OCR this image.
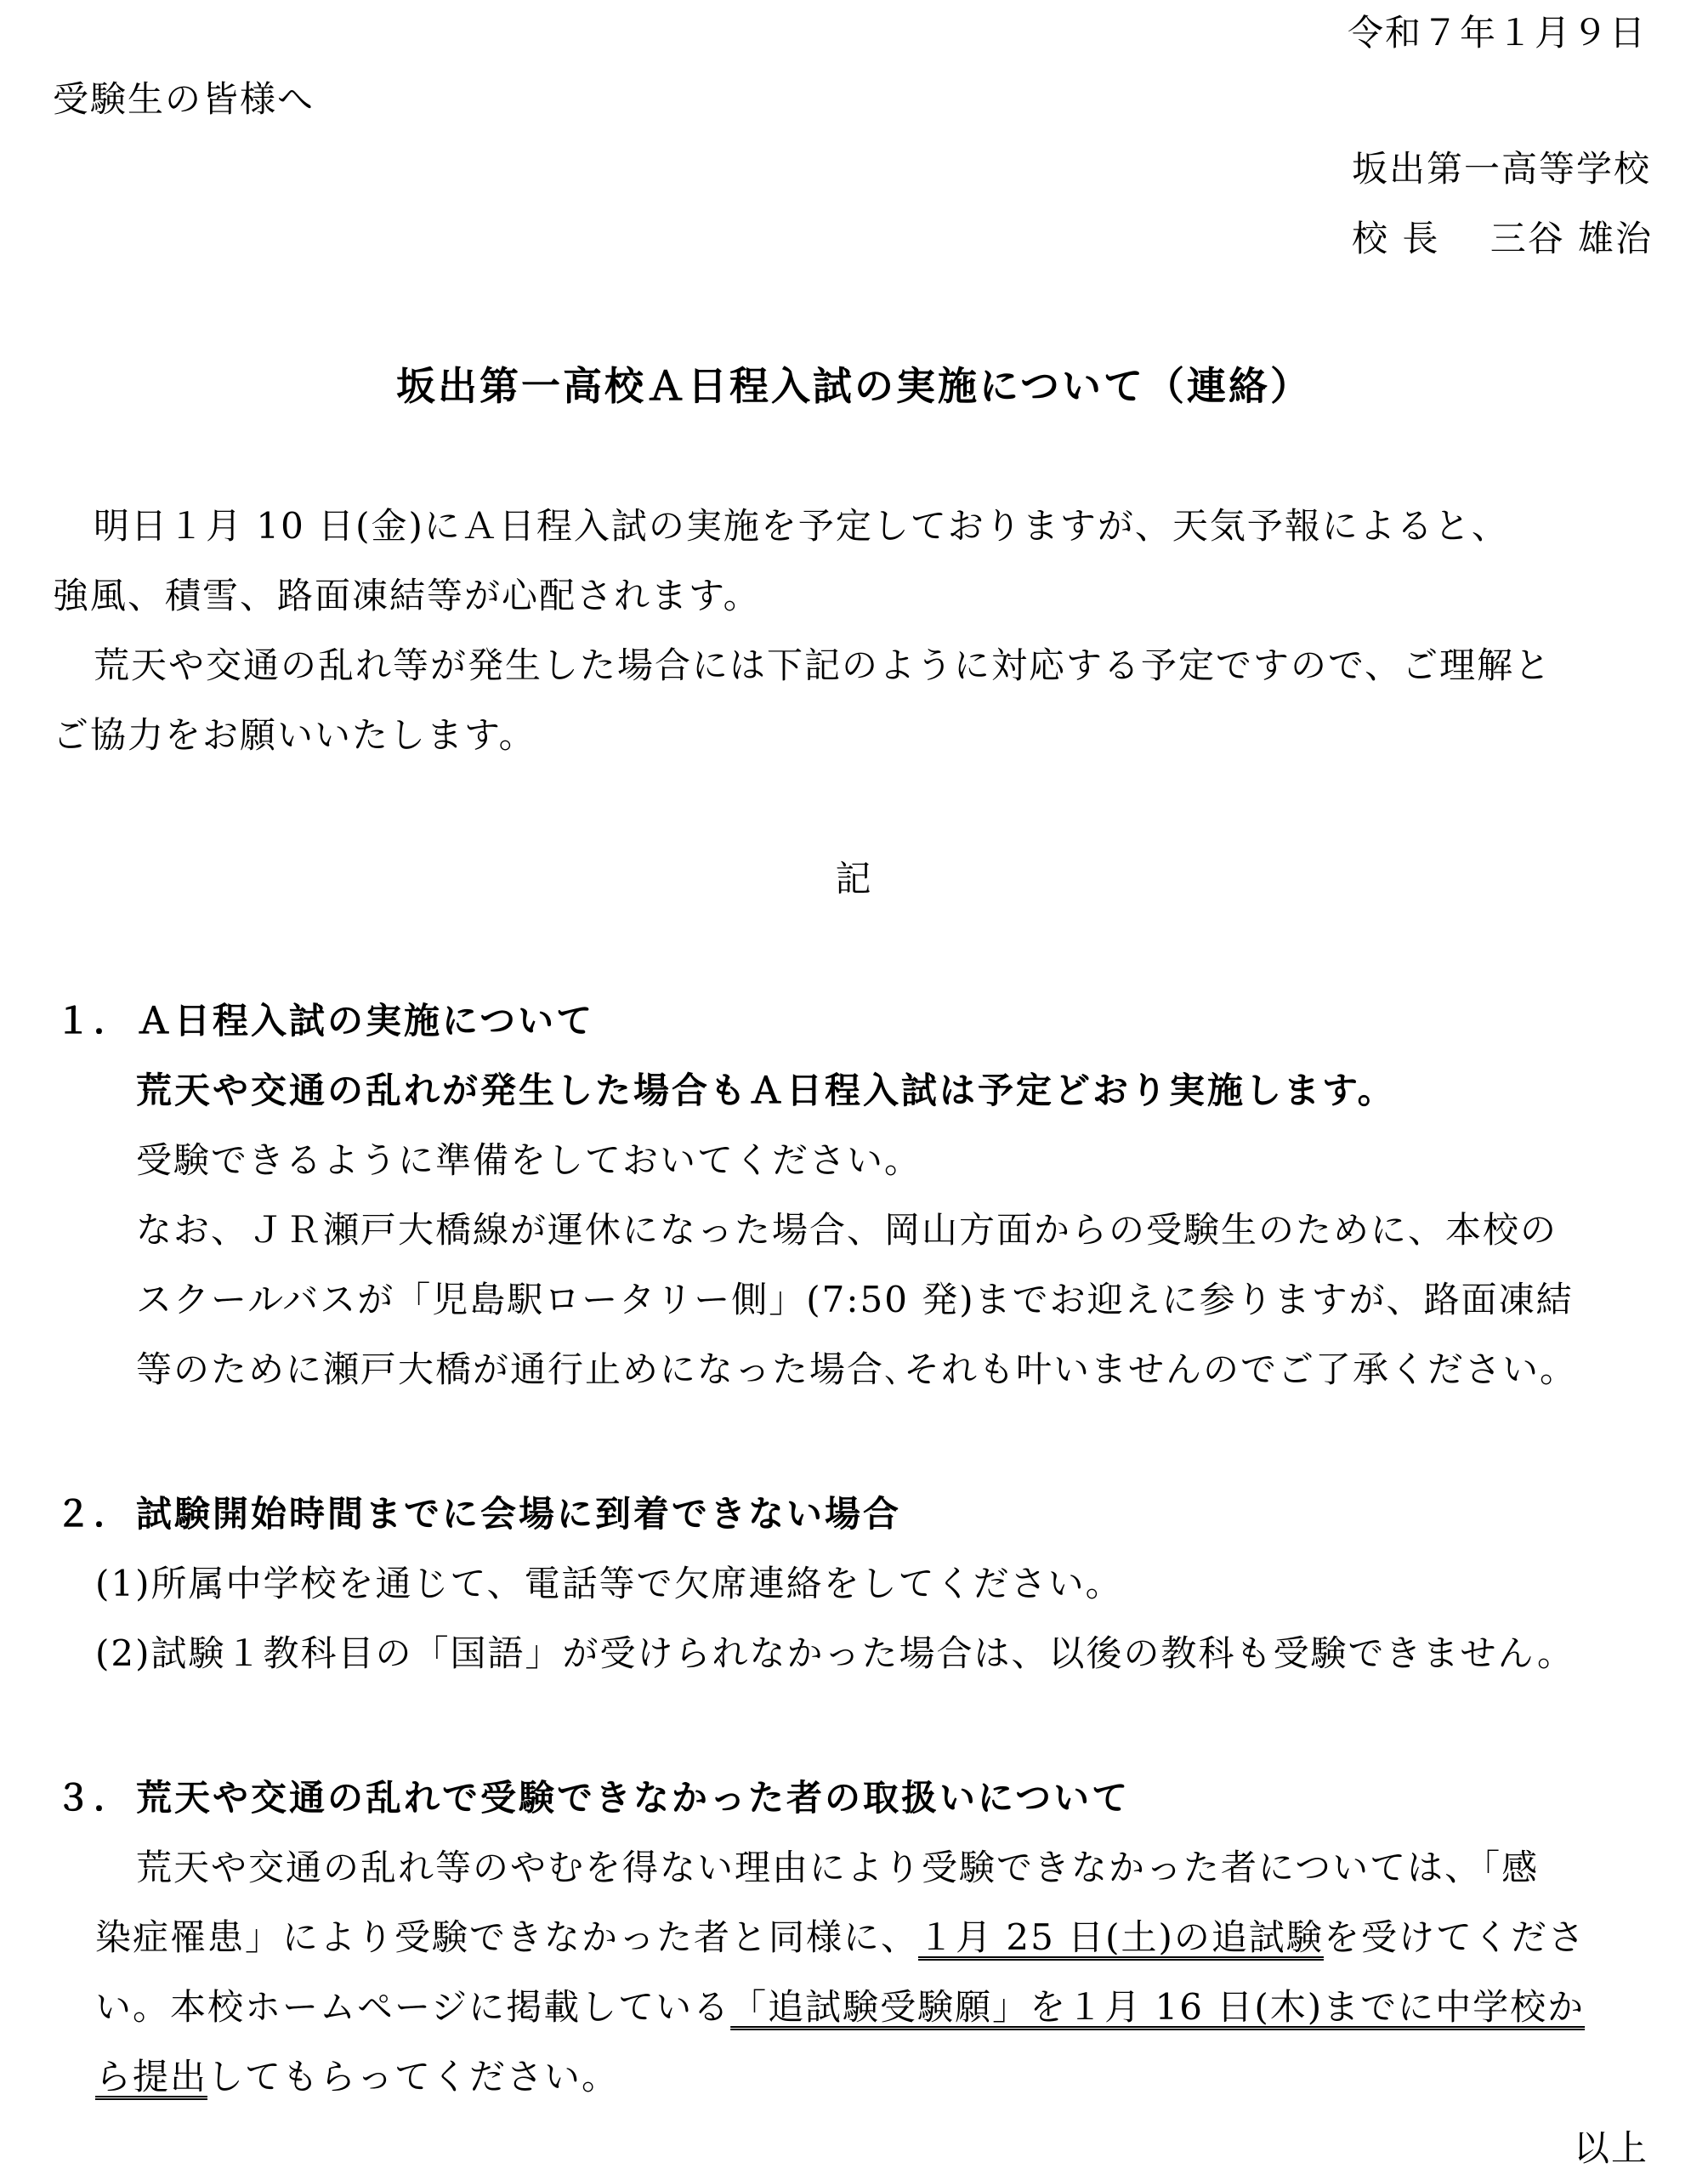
令和７年１月９日
受験生の皆様へ
坂出第一高等学校
校 長　 三谷 雄治
坂出第一高校Ａ日程入試の実施について（連絡）
明日１月 10 日(金)にＡ日程入試の実施を予定しておりますが、天気予報によると、
強風、積雪、路面凍結等が心配されます。
荒天や交通の乱れ等が発生した場合には下記のように対応する予定ですので、ご理解と
ご協力をお願いいたします。
記
１． Ａ日程入試の実施について
荒天や交通の乱れが発生した場合もＡ日程入試は予定どおり実施します。
受験できるように準備をしておいてください。
なお、ＪＲ瀬戸大橋線が運休になった場合、岡山方面からの受験生のために、本校の
スクールバスが「児島駅ロータリー側」(7:50 発)までお迎えに参りますが、路面凍結
等のために瀬戸大橋が通行止めになった場合､それも叶いませんのでご了承ください。
２． 試験開始時間までに会場に到着できない場合
(1)所属中学校を通じて、電話等で欠席連絡をしてください。
(2)試験１教科目の「国語」が受けられなかった場合は、以後の教科も受験できません。
３． 荒天や交通の乱れで受験できなかった者の取扱いについて
荒天や交通の乱れ等のやむを得ない理由により受験できなかった者については、「感
染症罹患」により受験できなかった者と同様に、１月 25 日(土)の追試験を受けてくださ
い。本校ホームページに掲載している「追試験受験願」を１月 16 日(木)までに中学校か
ら提出してもらってください。
以上
